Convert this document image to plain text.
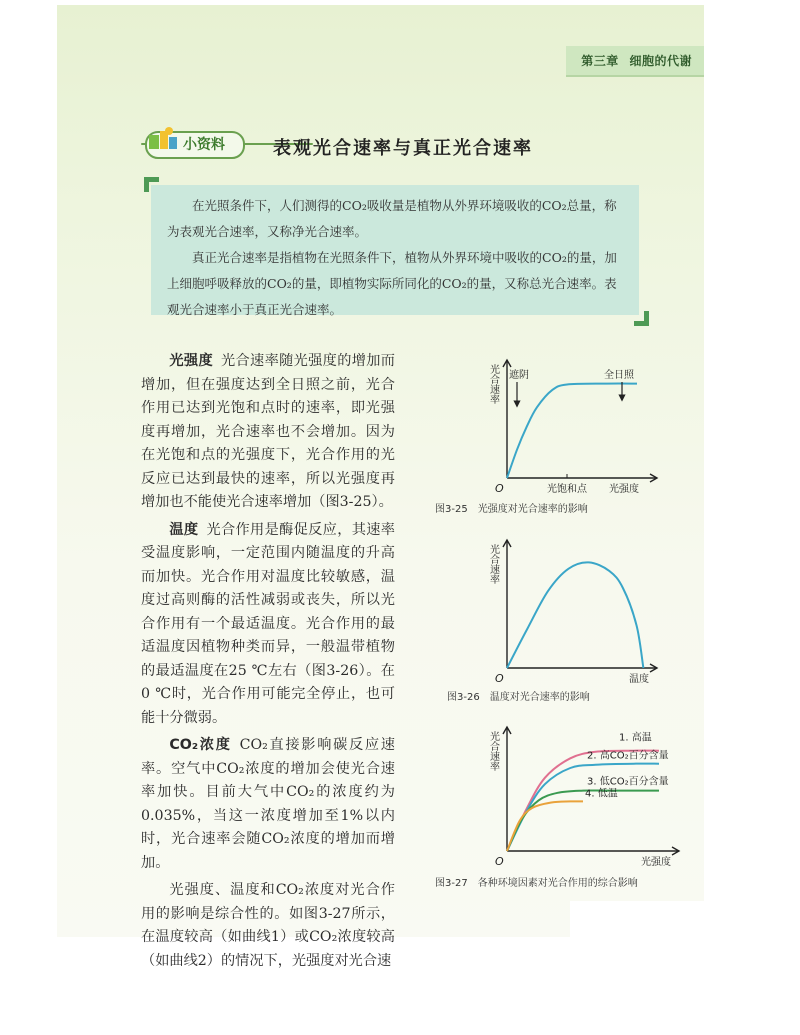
第三章 细胞的代谢
小资料	表观光合速率与真正光合速率

在光照条件下，人们测得的CO₂吸收量是植物从外界环境吸收的CO₂总量，称为表观光合速率，又称净光合速率。

真正光合速率是指植物在光照条件下，植物从外界环境中吸收的CO₂的量，加上细胞呼吸释放的CO₂的量，即植物实际所同化的CO₂的量，又称总光合速率。表观光合速率小于真正光合速率。

光强度 光合速率随光强度的增加而增加，但在强度达到全日照之前，光合作用已达到光饱和点时的速率，即光强度再增加，光合速率也不会增加。因为在光饱和点的光强度下，光合作用的光反应已达到最快的速率，所以光强度再增加也不能使光合速率增加（图3-25）。

温度 光合作用是酶促反应，其速率受温度影响，一定范围内随温度的升高而加快。光合作用对温度比较敏感，温度过高则酶的活性减弱或丧失，所以光合作用有一个最适温度。光合作用的最适温度因植物种类而异，一般温带植物的最适温度在25 ℃左右（图3-26）。在0 ℃时，光合作用可能完全停止，也可能十分微弱。

CO₂浓度 CO₂直接影响碳反应速率。空气中CO₂浓度的增加会使光合速率加快。目前大气中CO₂的浓度约为0.035%，当这一浓度增加至1%以内时，光合速率会随CO₂浓度的增加而增加。

光强度、温度和CO₂浓度对光合作用的影响是综合性的。如图3-27所示，在温度较高（如曲线1）或CO₂浓度较高（如曲线2）的情况下，光强度对光合速

O
光合速率 遮阴	全日照
光饱和点 光强度
图3-25　光强度对光合速率的影响
O
光合速率
温度
图3-26　温度对光合速率的影响
O
光合速率	1. 高温
2. 高CO₂百分含量
3. 低CO₂百分含量
4. 低温
光强度
图3-27　各种环境因素对光合作用的综合影响
